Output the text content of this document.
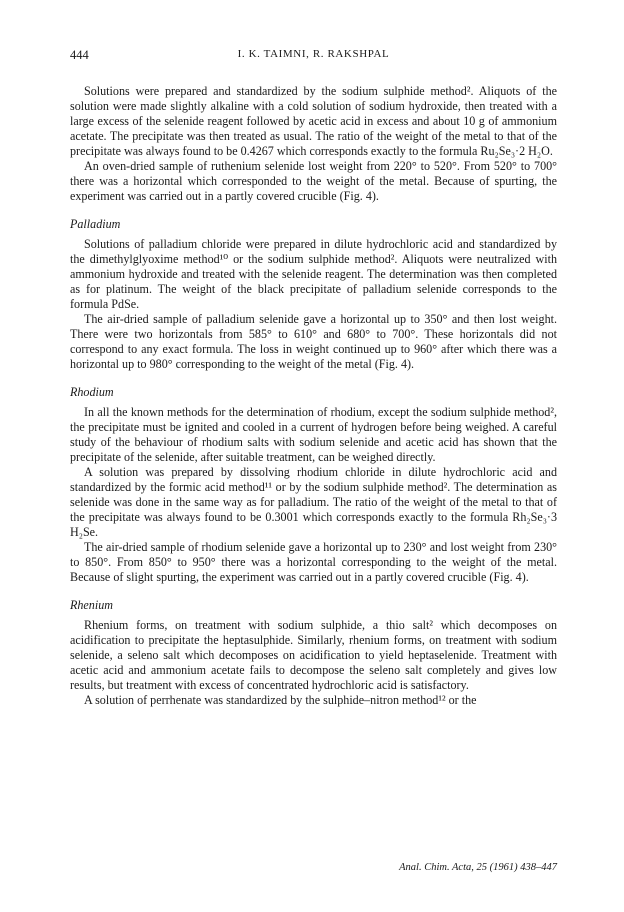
444	I. K. TAIMNI, R. RAKSHPAL

Solutions were prepared and standardized by the sodium sulphide method². Aliquots of the solution were made slightly alkaline with a cold solution of sodium hydroxide, then treated with a large excess of the selenide reagent followed by acetic acid in excess and about 10 g of ammonium acetate. The precipitate was then treated as usual. The ratio of the weight of the metal to that of the precipitate was always found to be 0.4267 which corresponds exactly to the formula Ru₂Se₃·2 H₂O.

An oven-dried sample of ruthenium selenide lost weight from 220° to 520°. From 520° to 700° there was a horizontal which corresponded to the weight of the metal. Because of spurting, the experiment was carried out in a partly covered crucible (Fig. 4).

Palladium

Solutions of palladium chloride were prepared in dilute hydrochloric acid and standardized by the dimethylglyoxime method¹⁰ or the sodium sulphide method². Aliquots were neutralized with ammonium hydroxide and treated with the selenide reagent. The determination was then completed as for platinum. The weight of the black precipitate of palladium selenide corresponds to the formula PdSe.

The air-dried sample of palladium selenide gave a horizontal up to 350° and then lost weight. There were two horizontals from 585° to 610° and 680° to 700°. These horizontals did not correspond to any exact formula. The loss in weight continued up to 960° after which there was a horizontal up to 980° corresponding to the weight of the metal (Fig. 4).

Rhodium

In all the known methods for the determination of rhodium, except the sodium sulphide method², the precipitate must be ignited and cooled in a current of hydrogen before being weighed. A careful study of the behaviour of rhodium salts with sodium selenide and acetic acid has shown that the precipitate of the selenide, after suitable treatment, can be weighed directly.

A solution was prepared by dissolving rhodium chloride in dilute hydrochloric acid and standardized by the formic acid method¹¹ or by the sodium sulphide method². The determination as selenide was done in the same way as for palladium. The ratio of the weight of the metal to that of the precipitate was always found to be 0.3001 which corresponds exactly to the formula Rh₂Se₃·3 H₂Se.

The air-dried sample of rhodium selenide gave a horizontal up to 230° and lost weight from 230° to 850°. From 850° to 950° there was a horizontal corresponding to the weight of the metal. Because of slight spurting, the experiment was carried out in a partly covered crucible (Fig. 4).

Rhenium

Rhenium forms, on treatment with sodium sulphide, a thio salt² which decomposes on acidification to precipitate the heptasulphide. Similarly, rhenium forms, on treatment with sodium selenide, a seleno salt which decomposes on acidification to yield heptaselenide. Treatment with acetic acid and ammonium acetate fails to decompose the seleno salt completely and gives low results, but treatment with excess of concentrated hydrochloric acid is satisfactory.

A solution of perrhenate was standardized by the sulphide–nitron method¹² or the

Anal. Chim. Acta, 25 (1961) 438–447
